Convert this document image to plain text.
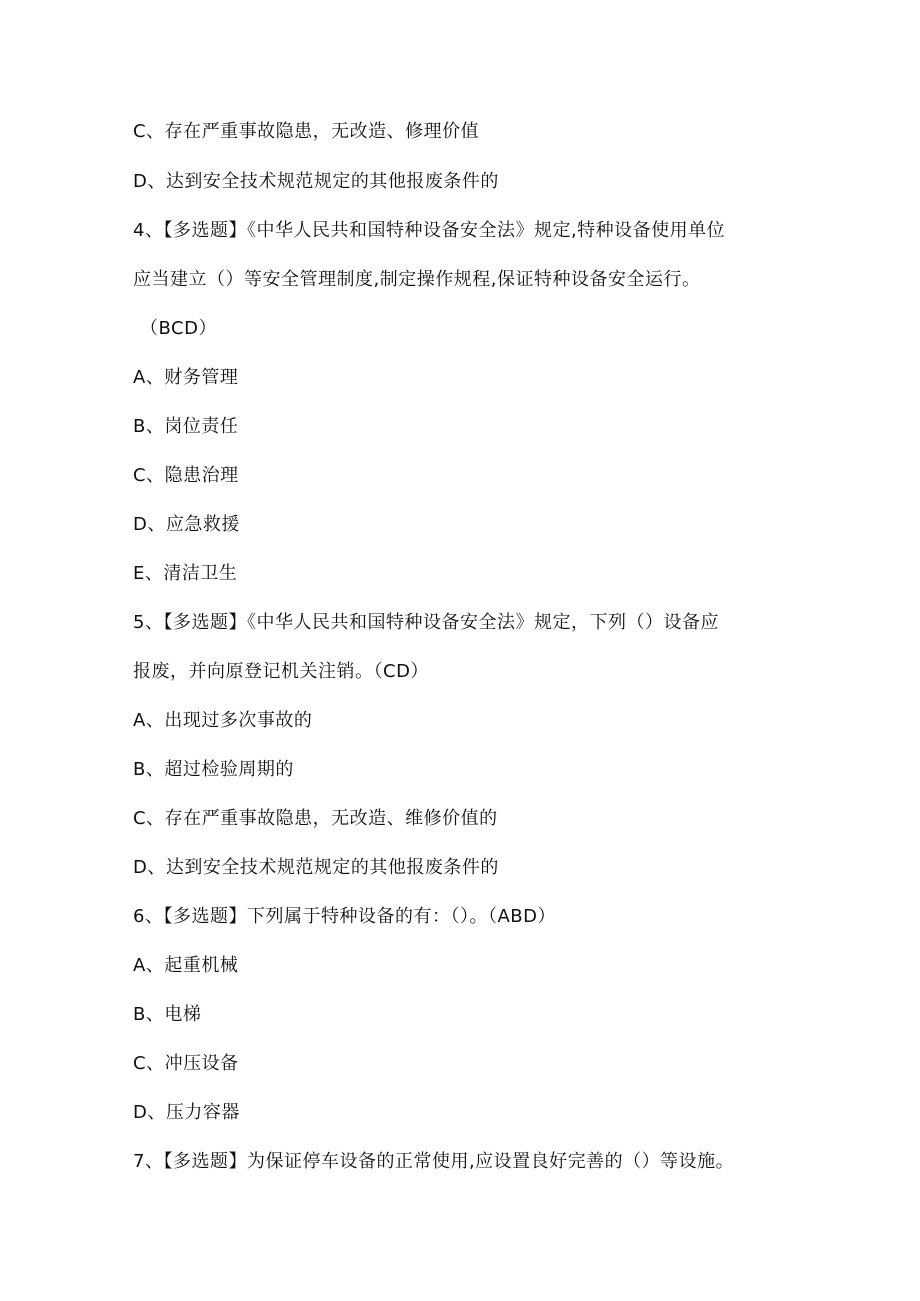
C、存在严重事故隐患，无改造、修理价值
D、达到安全技术规范规定的其他报废条件的
4、【多选题】《中华人民共和国特种设备安全法》规定,特种设备使用单位
应当建立（）等安全管理制度,制定操作规程,保证特种设备安全运行。
（BCD）
A、财务管理
B、岗位责任
C、隐患治理
D、应急救援
E、清洁卫生
5、【多选题】《中华人民共和国特种设备安全法》规定，下列（）设备应
报废，并向原登记机关注销。（CD）
A、出现过多次事故的
B、超过检验周期的
C、存在严重事故隐患，无改造、维修价值的
D、达到安全技术规范规定的其他报废条件的
6、【多选题】下列属于特种设备的有：（）。（ABD）
A、起重机械
B、电梯
C、冲压设备
D、压力容器
7、【多选题】为保证停车设备的正常使用,应设置良好完善的（）等设施。
